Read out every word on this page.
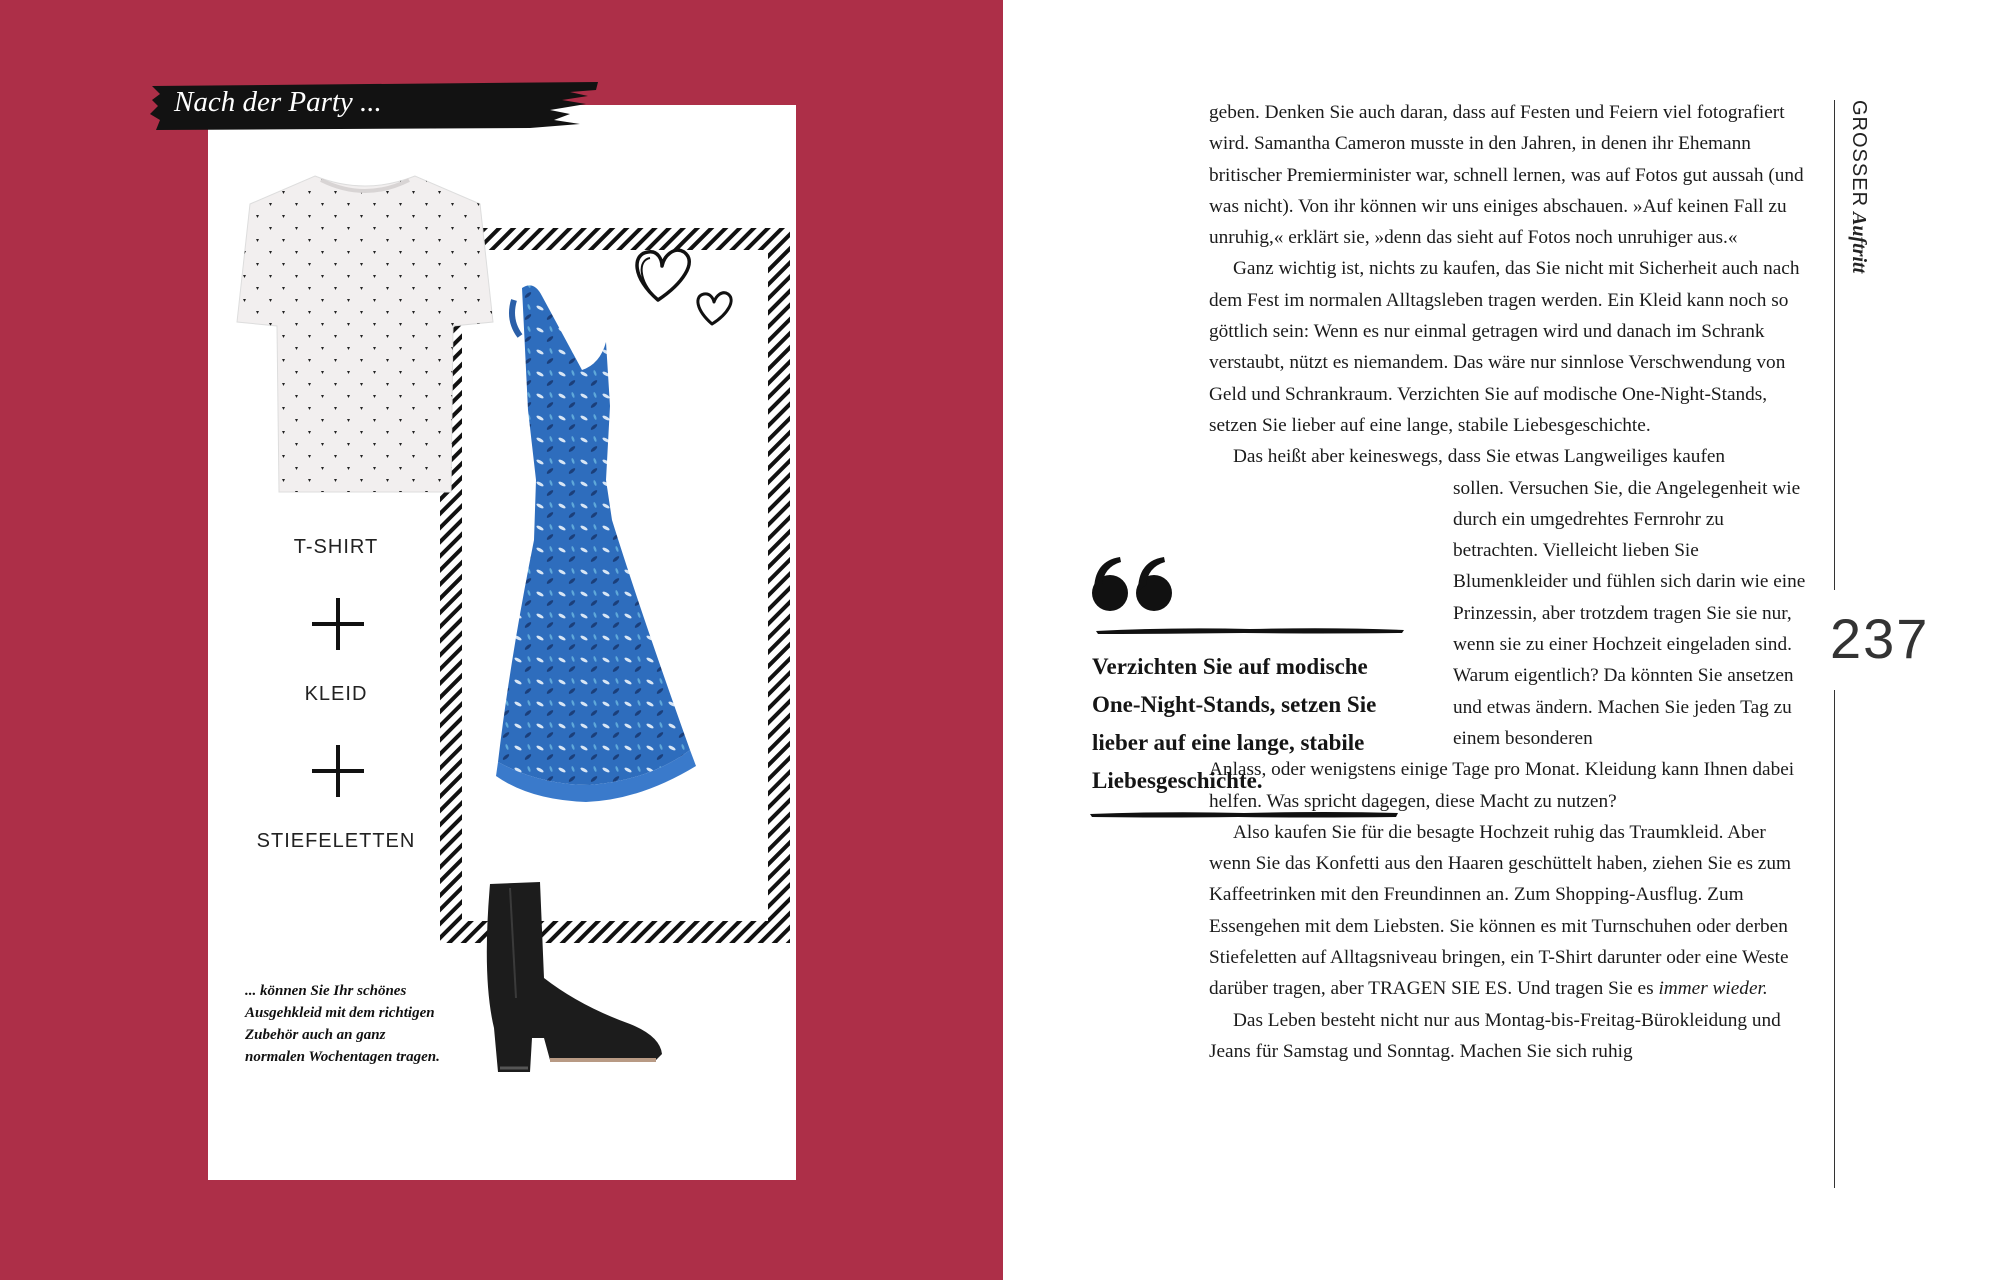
Nach der Party ...
T-SHIRT
KLEID
STIEFELETTEN
... können Sie Ihr schönes Ausgehkleid mit dem richtigen Zubehör auch an ganz normalen Wochentagen tragen.

geben. Denken Sie auch daran, dass auf Festen und Feiern viel fotografiert wird. Samantha Cameron musste in den Jahren, in denen ihr Ehemann britischer Premierminister war, schnell lernen, was auf Fotos gut aussah (und was nicht). Von ihr können wir uns einiges abschauen. »Auf keinen Fall zu unruhig,« erklärt sie, »denn das sieht auf Fotos noch unruhiger aus.«

Ganz wichtig ist, nichts zu kaufen, das Sie nicht mit Sicherheit auch nach dem Fest im normalen Alltagsleben tragen werden. Ein Kleid kann noch so göttlich sein: Wenn es nur einmal getragen wird und danach im Schrank verstaubt, nützt es niemandem. Das wäre nur sinnlose Verschwendung von Geld und Schrankraum. Verzichten Sie auf modische One-Night-Stands, setzen Sie lieber auf eine lange, stabile Liebesgeschichte.

Das heißt aber keineswegs, dass Sie etwas Langweiliges kaufen

sollen. Versuchen Sie, die Angelegenheit wie durch ein umgedrehtes Fernrohr zu betrachten. Vielleicht lieben Sie Blumenkleider und fühlen sich darin wie eine Prinzessin, aber trotzdem tragen Sie sie nur, wenn sie zu einer Hochzeit eingeladen sind. Warum eigentlich? Da könnten Sie ansetzen und etwas ändern. Machen Sie jeden Tag zu einem besonderen

Anlass, oder wenigstens einige Tage pro Monat. Kleidung kann Ihnen dabei helfen. Was spricht dagegen, diese Macht zu nutzen?

Also kaufen Sie für die besagte Hochzeit ruhig das Traumkleid. Aber wenn Sie das Konfetti aus den Haaren geschüttelt haben, ziehen Sie es zum Kaffeetrinken mit den Freundinnen an. Zum Shopping-Ausflug. Zum Essengehen mit dem Liebsten. Sie können es mit Turnschuhen oder derben Stiefeletten auf Alltagsniveau bringen, ein T-Shirt darunter oder eine Weste darüber tragen, aber TRAGEN SIE ES. Und tragen Sie es immer wieder.

Das Leben besteht nicht nur aus Montag-bis-Freitag-Bürokleidung und Jeans für Samstag und Sonntag. Machen Sie sich ruhig

Verzichten Sie auf modische One-Night-Stands, setzen Sie lieber auf eine lange, stabile Liebesgeschichte.
GROSSER Auftritt
237
